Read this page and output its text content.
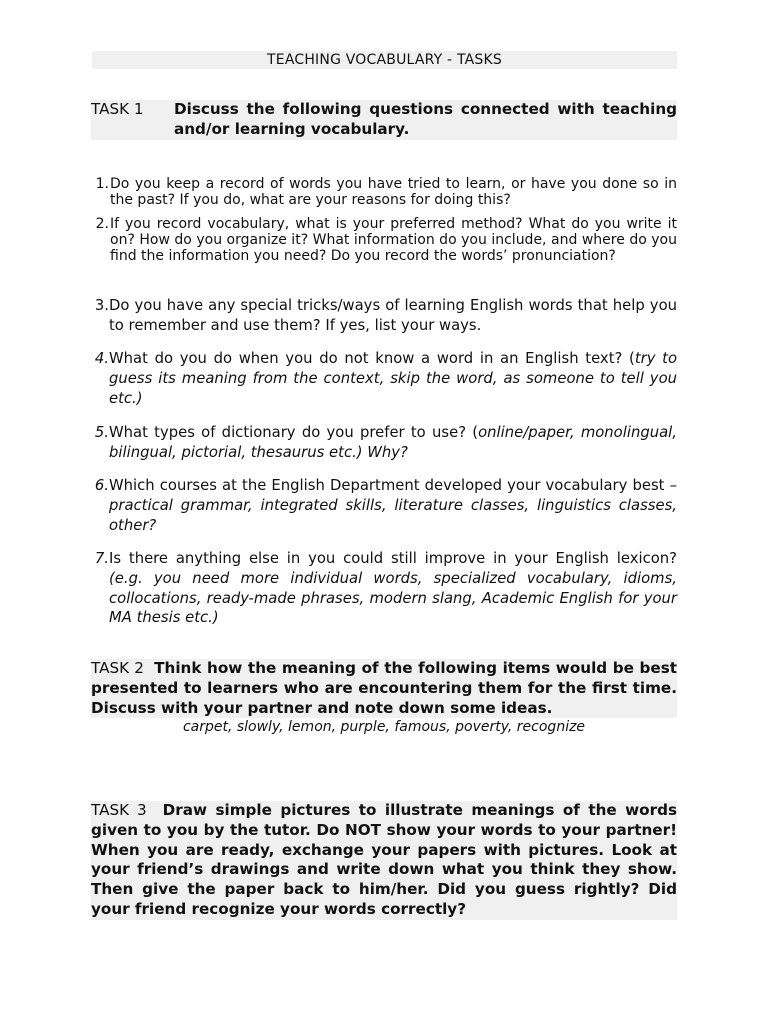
TEACHING VOCABULARY - TASKS
TASK 1	Discuss the following questions connected with teaching
and/or learning vocabulary.
1. Do you keep a record of words you have tried to learn, or have you done so in the past? If you do, what are your reasons for doing this?
2. If you record vocabulary, what is your preferred method? What do you write it on? How do you organize it? What information do you include, and where do you find the information you need? Do you record the words’ pronunciation?
3. Do you have any special tricks/ways of learning English words that help you to remember and use them? If yes, list your ways.
4. What do you do when you do not know a word in an English text? (try to guess its meaning from the context, skip the word, as someone to tell you etc.)
5. What types of dictionary do you prefer to use? (online/paper, monolingual, bilingual, pictorial, thesaurus etc.) Why?
6. Which courses at the English Department developed your vocabulary best – practical grammar, integrated skills, literature classes, linguistics classes, other?
7. Is there anything else in you could still improve in your English lexicon? (e.g. you need more individual words, specialized vocabulary, idioms, collocations, ready-made phrases, modern slang, Academic English for your MA thesis etc.)
TASK 2 Think how the meaning of the following items would be best presented to learners who are encountering them for the first time. Discuss with your partner and note down some ideas.
carpet, slowly, lemon, purple, famous, poverty, recognize
TASK 3 Draw simple pictures to illustrate meanings of the words given to you by the tutor. Do NOT show your words to your partner! When you are ready, exchange your papers with pictures. Look at your friend’s drawings and write down what you think they show. Then give the paper back to him/her. Did you guess rightly? Did your friend recognize your words correctly?
